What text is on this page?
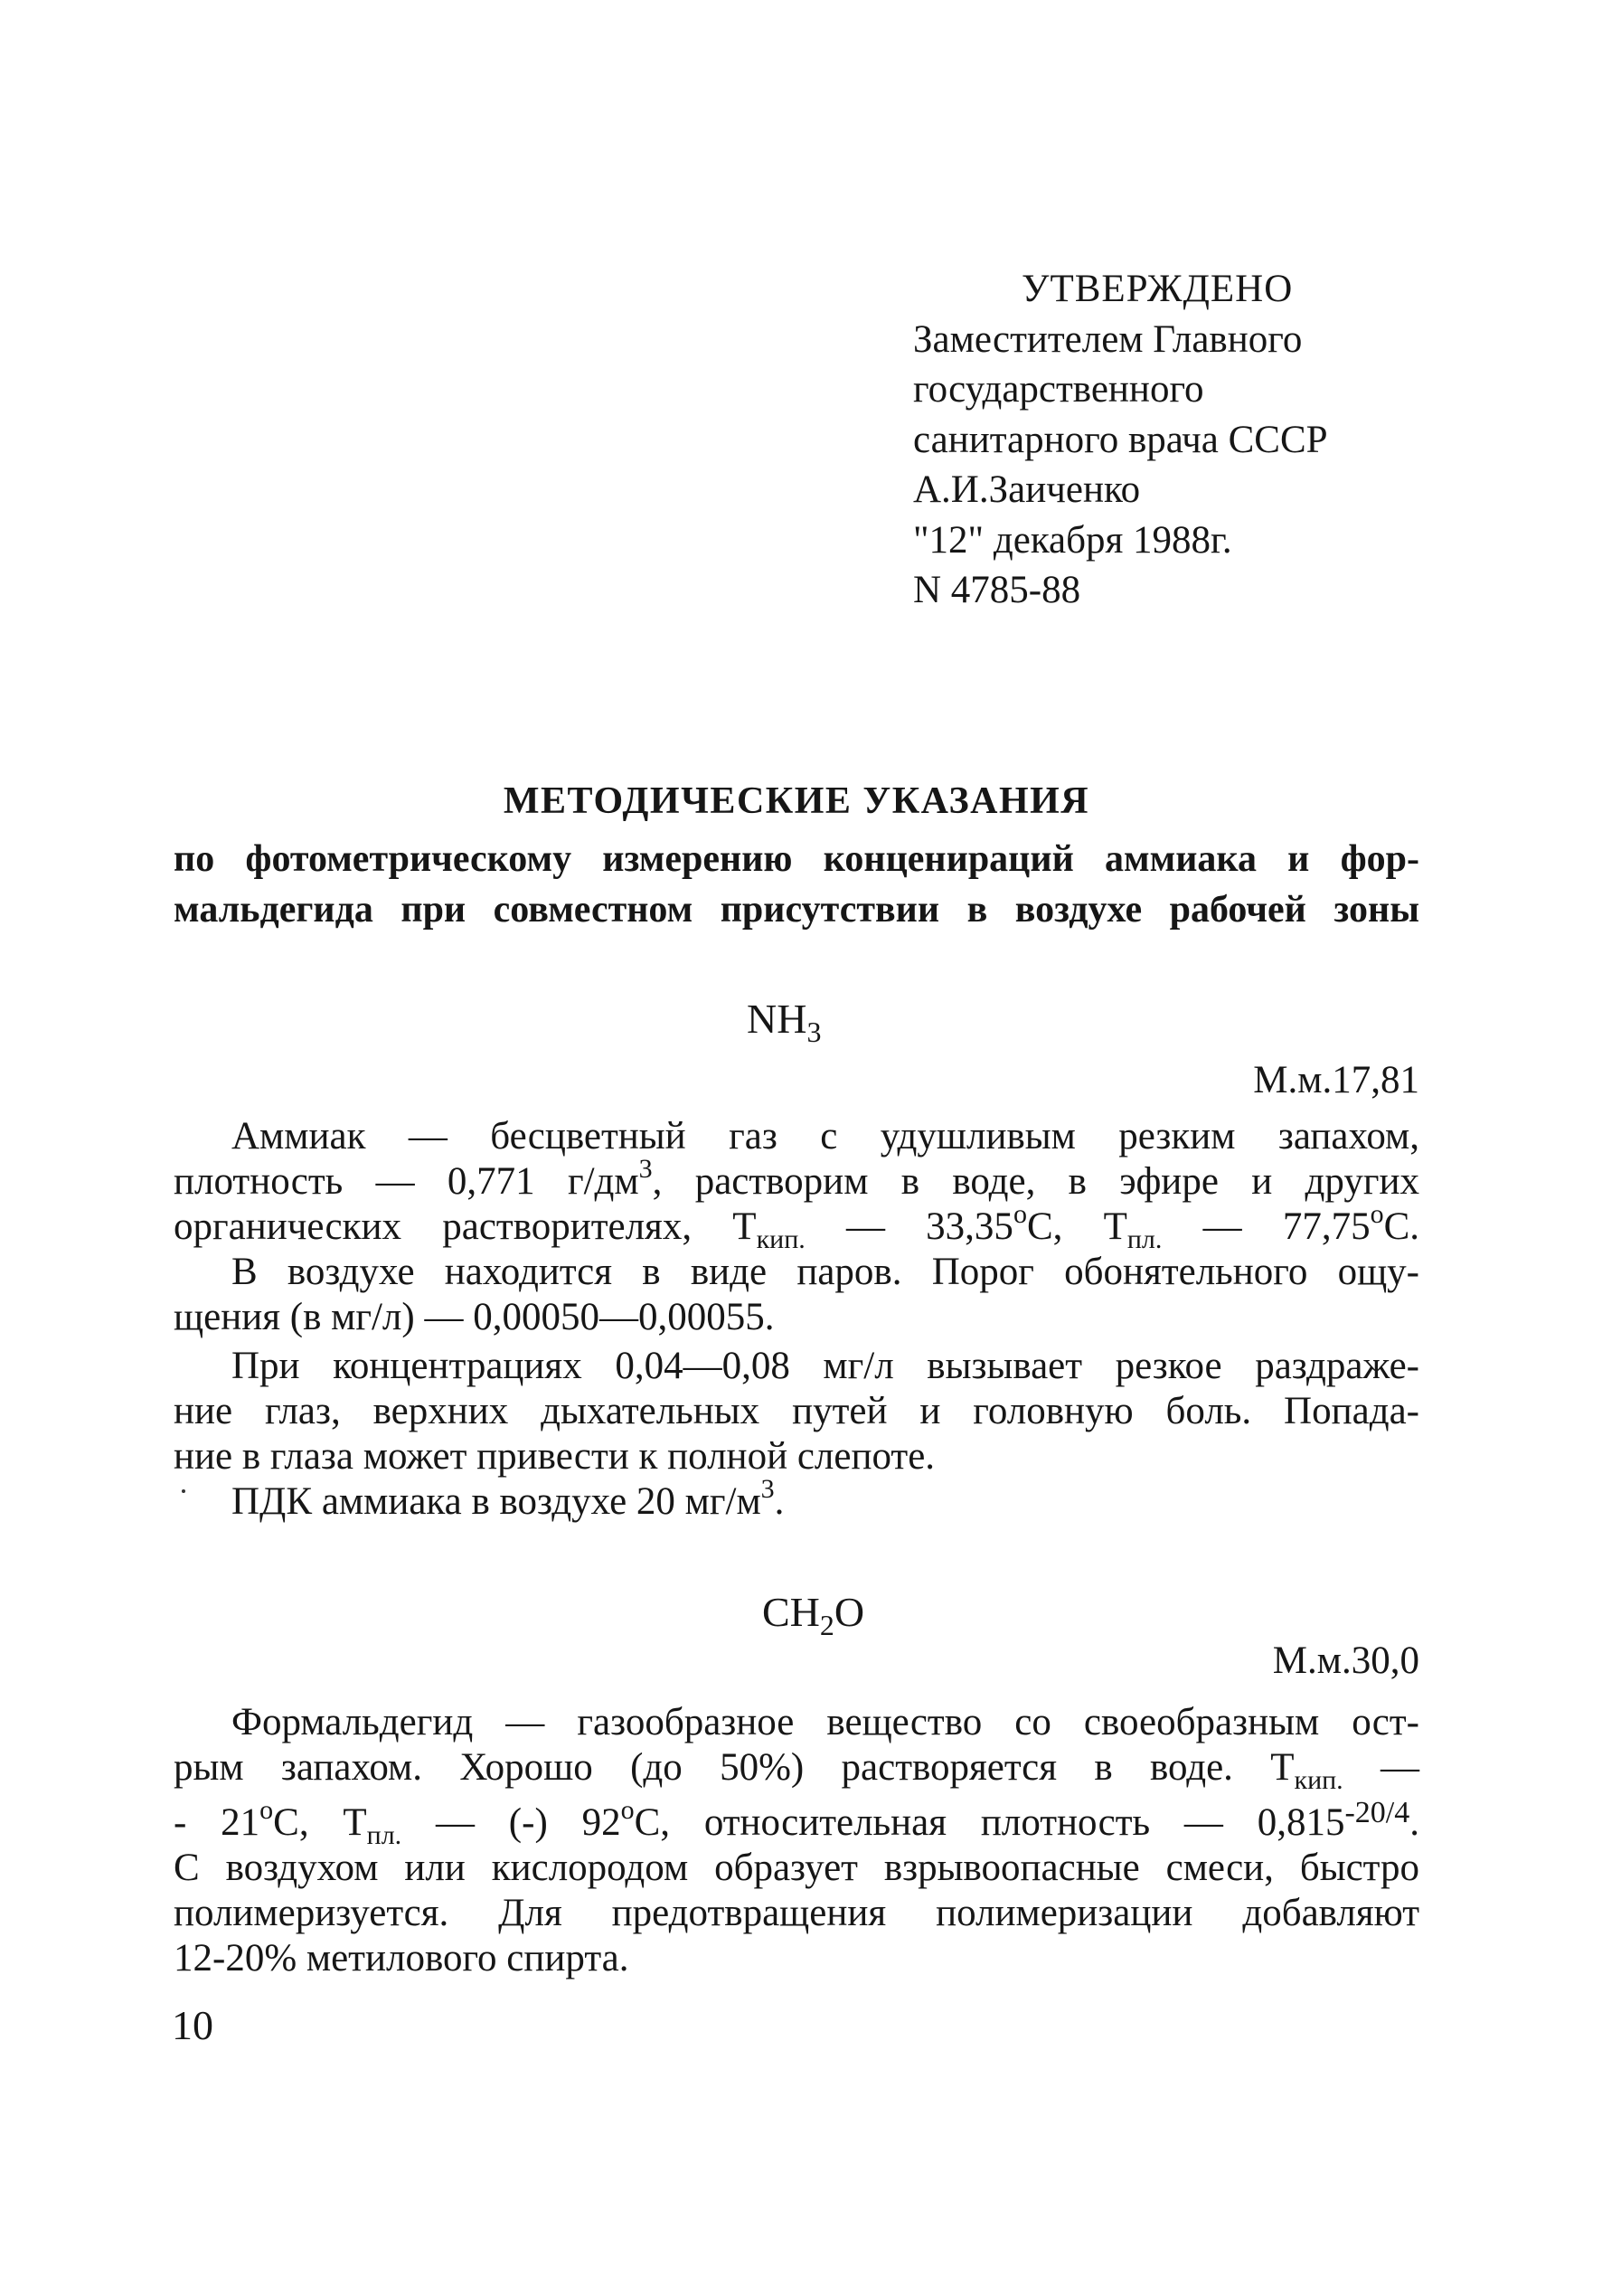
УТВЕРЖДЕНО
Заместителем Главного
государственного
санитарного врача СССР
А.И.Заиченко
"12" декабря 1988г.
N 4785-88
МЕТОДИЧЕСКИЕ УКАЗАНИЯ
по фотометрическому измерению конценираций аммиака и фор-
мальдегида при совместном присутствии в воздухе рабочей зоны
$NH_3$
М.м.17,81
Аммиак — бесцветный газ с удушливым резким запахом,
плотность — 0,771 $г/дм^3$, растворим в воде, в эфире и других
органических растворителях, $Т_{кип.}$ — $33,35^оС$, $Т_{пл.}$ — $77,75^оС$.
В воздухе находится в виде паров. Порог обонятельного ощу-
щения (в мг/л) — 0,00050—0,00055.
При концентрациях 0,04—0,08 мг/л вызывает резкое раздраже-
ние глаз, верхних дыхательных путей и головную боль. Попада-
ние в глаза может привести к полной слепоте.
ПДК аммиака в воздухе 20 $мг/м^3$.
$CH_2O$
М.м.30,0
Формальдегид — газообразное вещество со своеобразным ост-
рым запахом. Хорошо (до 50%) растворяется в воде. $Т_{кип.}$ —
- $21^оС$, $Т_{пл.}$ — (-) $92^оС$, относительная плотность — $0,815^{-20/4}$.
С воздухом или кислородом образует взрывоопасные смеси, быстро
полимеризуется. Для предотвращения полимеризации добавляют
12-20% метилового спирта.
10
